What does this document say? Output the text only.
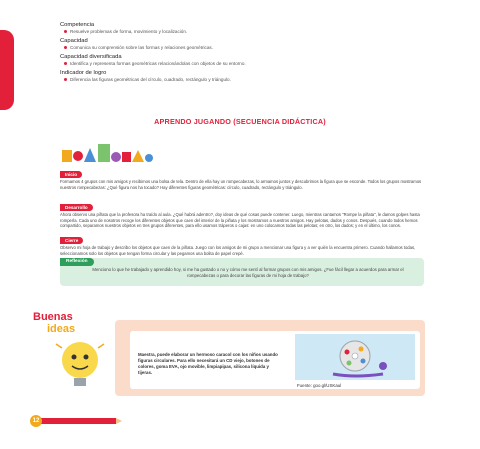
Competencia
Resuelve problemas de forma, movimiento y localización.
Capacidad
Comunica su comprensión sobre las formas y relaciones geométricas.
Capacidad diversificada
Identifica y representa formas geométricas relacionándolas con objetos de su entorno.
Indicador de logro
Diferencia las figuras geométricas del círculo, cuadrado, rectángulo y triángulo.
APRENDO JUGANDO (SECUENCIA DIDÁCTICA)
Inicio
Formamos 4 grupos con mis amigos y recibimos una bolsa de tela. Dentro de ella hay un rompecabezas, lo armamos juntos y descubrimos la figura que se esconde. Todos los grupos mostramos nuestros rompecabezas: ¿Qué figura nos ha tocado? Hay diferentes figuras geométricas: círculo, cuadrado, rectángulo y triángulo.
Desarrollo
Ahora observo una piñata que la profesora ha traído al aula. ¿Qué habrá adentro?, doy ideas de qué cosas puede contener. Luego, mientras cantamos "Rompe la piñata", le damos golpes hasta romperla. Cada uno de nosotros recoge los diferentes objetos que caen del interior de la piñata y los mostramos a nuestros amigos. Hay pelotas, dados y conos. Después, cuando todos hemos compartido, separamos nuestros objetos en tres grupos diferentes, para ello usamos tráperos o cajas: en uno colocamos todas las pelotas; en otro, los dados; y en el último, los conos.
Cierre
Observo mi hoja de trabajo y describo los objetos que caen de la piñata. Juego con los amigos de mi grupo a mencionar una figura y a ver quién la encuentra primero. Cuando hallamos todas, seleccionamos solo los objetos que tengan forma circular y las pegamos una bolita de papel crepé.
Reflexión
Menciono lo que he trabajado y aprendido hoy, si me ha gustado o no y cómo me sentí al formar grupos con mis amigos. ¿Fue fácil llegar a acuerdos para armar el rompecabezas o para decorar las figuras de mi hoja de trabajo?
Buenas
ideas
Maestra, puede elaborar un hermoso caracol con los niños usando figuras circulares. Para ello necesitará un CD viejo, botones de colores, goma EVA, ojo movible, limpiapipas, silicona líquida y tijeras.
Fuente: goo.gl/USKaul
12
